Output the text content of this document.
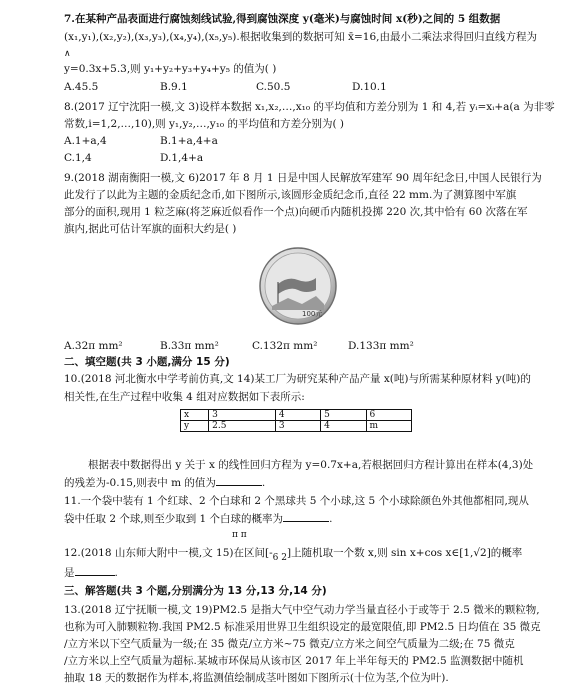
7.在某种产品表面进行腐蚀刻线试验,得到腐蚀深度 y(毫米)与腐蚀时间 x(秒)之间的 5 组数据
(x₁,y₁),(x₂,y₂),(x₃,y₃),(x₄,y₄),(x₅,y₅).根据收集到的数据可知 x̄=16,由最小二乘法求得回归直线方程为
∧
y=0.3x+5.3,则 y₁+y₂+y₃+y₄+y₅ 的值为( )
A.45.5	B.9.1	C.50.5	D.10.1
8.(2017 辽宁沈阳一模,文 3)设样本数据 x₁,x₂,…,x₁₀ 的平均值和方差分别为 1 和 4,若 yᵢ=xᵢ+a(a 为非零
常数,i=1,2,…,10),则 y₁,y₂,…,y₁₀ 的平均值和方差分别为( )
A.1+a,4	B.1+a,4+a
C.1,4	D.1,4+a
9.(2018 湖南衡阳一模,文 6)2017 年 8 月 1 日是中国人民解放军建军 90 周年纪念日,中国人民银行为
此发行了以此为主题的金质纪念币,如下图所示,该圆形金质纪念币,直径 22 mm.为了测算图中军旗
部分的面积,现用 1 粒芝麻(将芝麻近似看作一个点)向硬币内随机投掷 220 次,其中恰有 60 次落在军
旗内,据此可估计军旗的面积大约是( )
100元
A.32π mm²	B.33π mm²	C.132π mm²	D.133π mm²
二、填空题(共 3 小题,满分 15 分)
10.(2018 河北衡水中学考前仿真,文 14)某工厂为研究某种产品产量 x(吨)与所需某种原材料 y(吨)的
x	3	4	5	6
y	2.5	3	4	m
相关性,在生产过程中收集 4 组对应数据如下表所示:
根据表中数据得出 y 关于 x 的线性回归方程为 y=0.7x+a,若根据回归方程计算出在样本(4,3)处
的残差为-0.15,则表中 m 的值为	.
11.一个袋中装有 1 个红球、2 个白球和 2 个黑球共 5 个小球,这 5 个小球除颜色外其他都相同,现从
袋中任取 2 个球,则至少取到 1 个白球的概率为	.
π π
12.(2018 山东师大附中一模,文 15)在区间[-6 2]上随机取一个数 x,则 sin x+cos x∈[1,√2]的概率
是	.
三、解答题(共 3 个题,分别满分为 13 分,13 分,14 分)
13.(2018 辽宁抚顺一模,文 19)PM2.5 是指大气中空气动力学当量直径小于或等于 2.5 微米的颗粒物,
也称为可入肺颗粒物.我国 PM2.5 标准采用世界卫生组织设定的最宽限值,即 PM2.5 日均值在 35 微克
/立方米以下空气质量为一级;在 35 微克/立方米~75 微克/立方米之间空气质量为二级;在 75 微克
/立方米以上空气质量为超标.某城市环保局从该市区 2017 年上半年每天的 PM2.5 监测数据中随机
抽取 18 天的数据作为样本,将监测值绘制成茎叶图如下图所示(十位为茎,个位为叶).
